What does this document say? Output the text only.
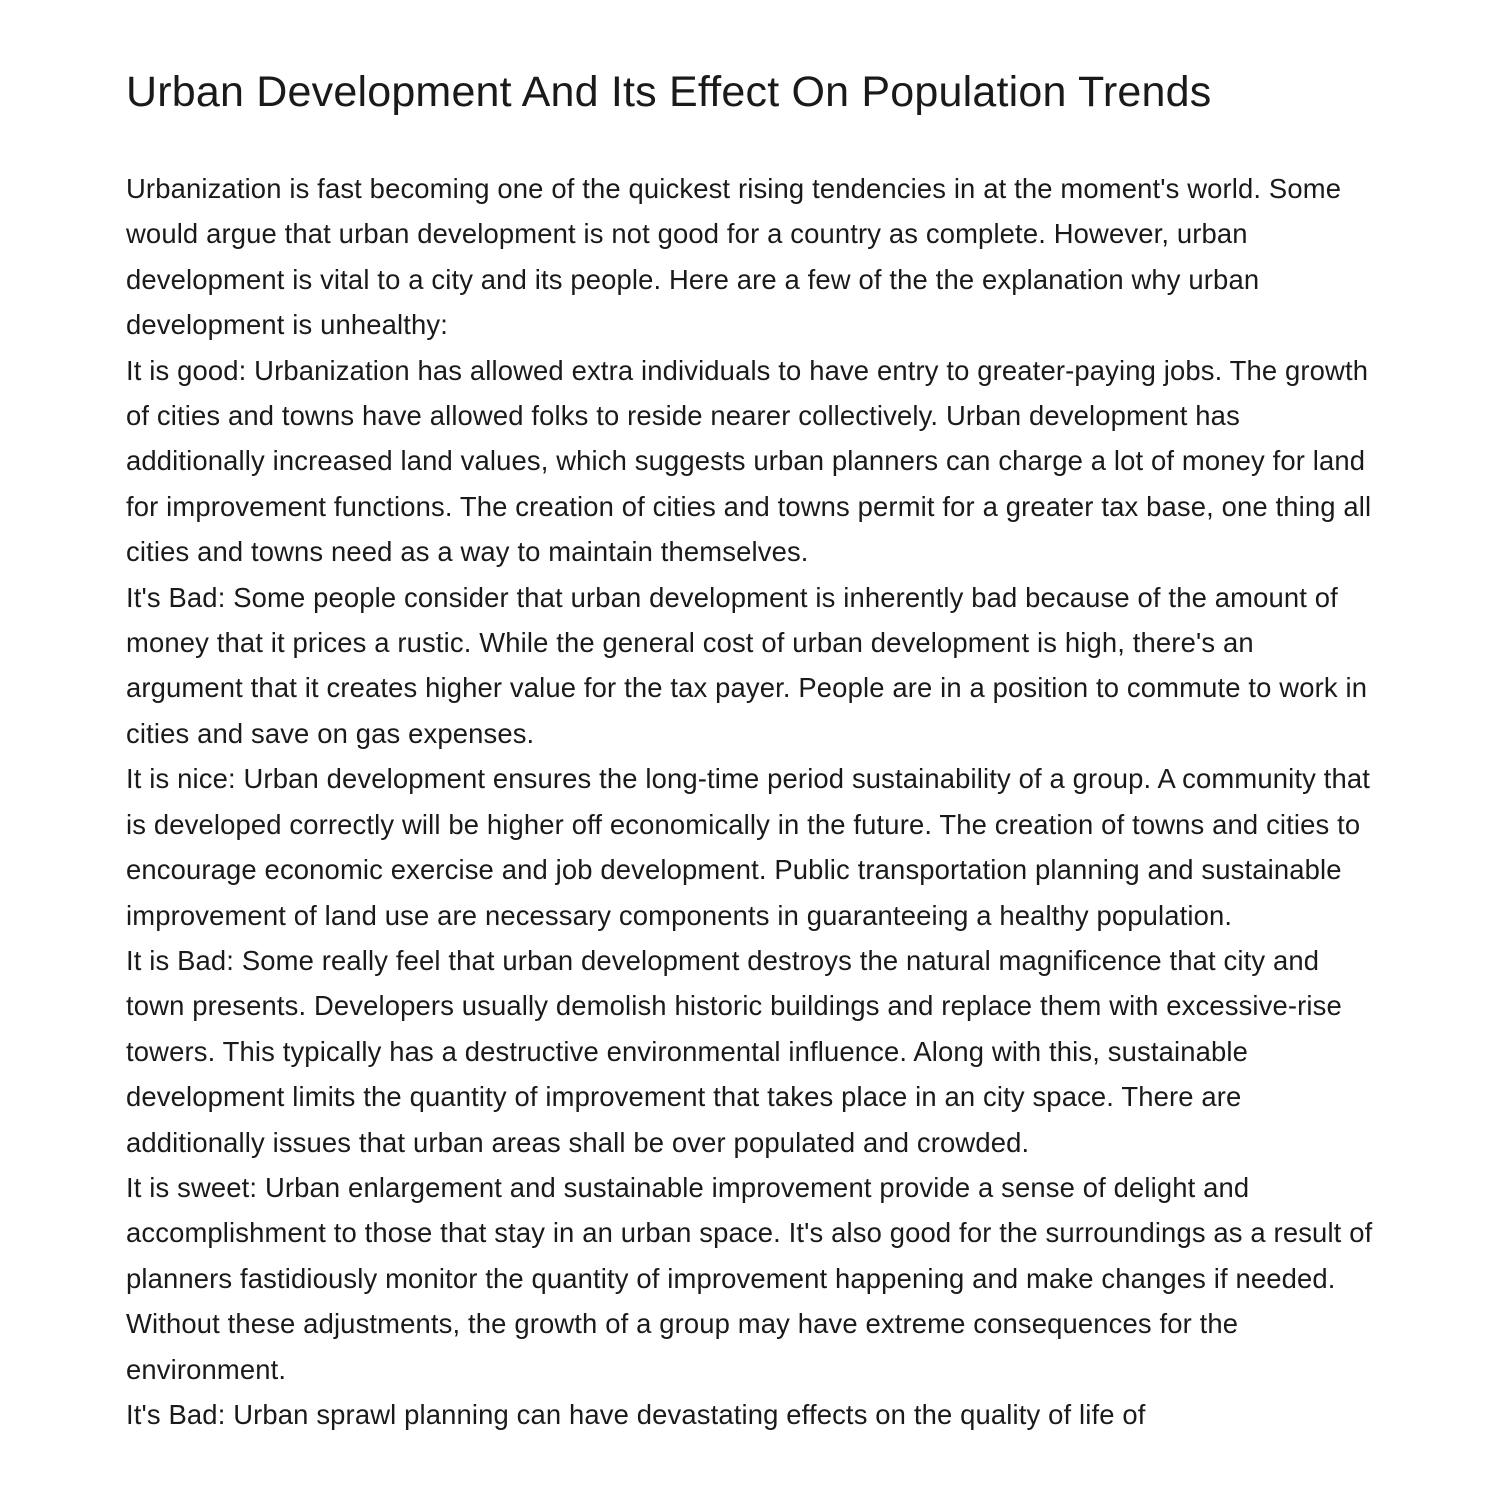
Urban Development And Its Effect On Population Trends

Urbanization is fast becoming one of the quickest rising tendencies in at the moment's world. Some would argue that urban development is not good for a country as complete. However, urban development is vital to a city and its people. Here are a few of the the explanation why urban development is unhealthy:

It is good: Urbanization has allowed extra individuals to have entry to greater-paying jobs. The growth of cities and towns have allowed folks to reside nearer collectively. Urban development has additionally increased land values, which suggests urban planners can charge a lot of money for land for improvement functions. The creation of cities and towns permit for a greater tax base, one thing all cities and towns need as a way to maintain themselves.

It's Bad: Some people consider that urban development is inherently bad because of the amount of money that it prices a rustic. While the general cost of urban development is high, there's an argument that it creates higher value for the tax payer. People are in a position to commute to work in cities and save on gas expenses.

It is nice: Urban development ensures the long-time period sustainability of a group. A community that is developed correctly will be higher off economically in the future. The creation of towns and cities to encourage economic exercise and job development. Public transportation planning and sustainable improvement of land use are necessary components in guaranteeing a healthy population.

It is Bad: Some really feel that urban development destroys the natural magnificence that city and town presents. Developers usually demolish historic buildings and replace them with excessive-rise towers. This typically has a destructive environmental influence. Along with this, sustainable development limits the quantity of improvement that takes place in an city space. There are additionally issues that urban areas shall be over populated and crowded.

It is sweet: Urban enlargement and sustainable improvement provide a sense of delight and accomplishment to those that stay in an urban space. It's also good for the surroundings as a result of planners fastidiously monitor the quantity of improvement happening and make changes if needed. Without these adjustments, the growth of a group may have extreme consequences for the environment.

It's Bad: Urban sprawl planning can have devastating effects on the quality of life of
